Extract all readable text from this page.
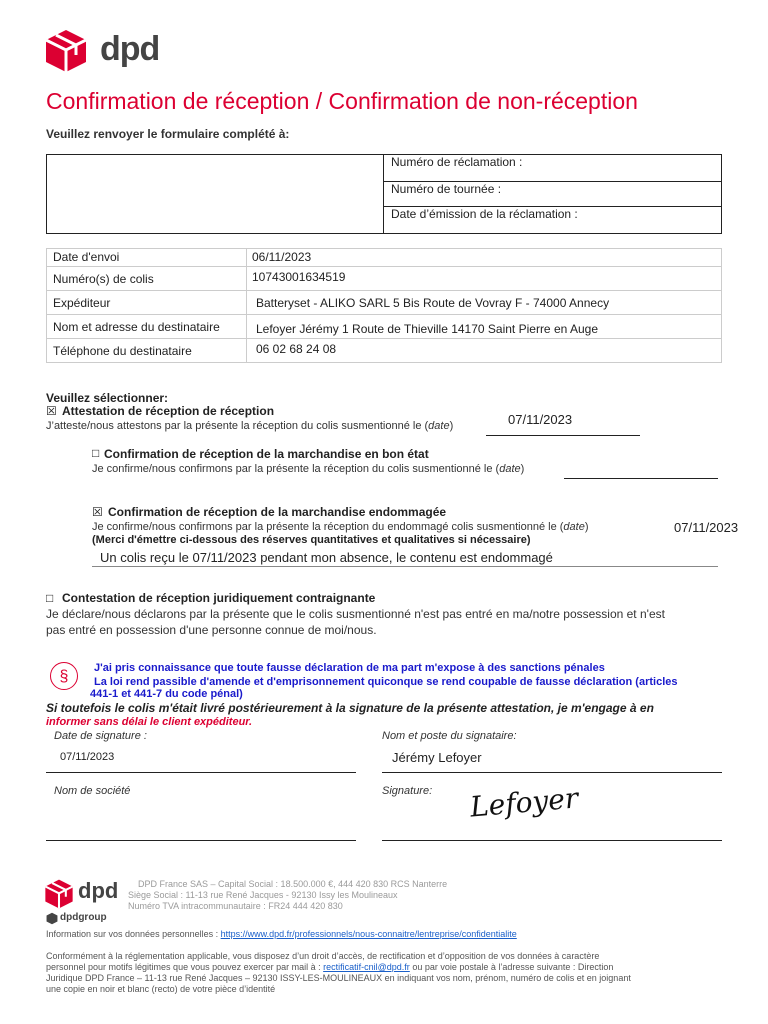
dpd
Confirmation de réception / Confirmation de non-réception
Veuillez renvoyer le formulaire complété à:
Numéro de réclamation :
Numéro de tournée :
Date d’émission de la réclamation :
Date d'envoi	06/11/2023
Numéro(s) de colis	10743001634519
Expéditeur	Batteryset - ALIKO SARL 5 Bis Route de Vovray F - 74000 Annecy
Nom et adresse du destinataire	Lefoyer Jérémy 1 Route de Thieville 14170 Saint Pierre en Auge
Téléphone du destinataire	06 02 68 24 08
Veuillez sélectionner:
☒ Attestation de réception de réception
J’atteste/nous attestons par la présente la réception du colis susmentionné le (date)	07/11/2023
□ Confirmation de réception de la marchandise en bon état
Je confirme/nous confirmons par la présente la réception du colis susmentionné le (date)
☒ Confirmation de réception de la marchandise endommagée
Je confirme/nous confirmons par la présente la réception du endommagé colis susmentionné le (date)	07/11/2023
(Merci d'émettre ci-dessous des réserves quantitatives et qualitatives si nécessaire)
Un colis reçu le 07/11/2023 pendant mon absence, le contenu est endommagé
□ Contestation de réception juridiquement contraignante
Je déclare/nous déclarons par la présente que le colis susmentionné n'est pas entré en ma/notre possession et n'est
pas entré en possession d'une personne connue de moi/nous.
§	J'ai pris connaissance que toute fausse déclaration de ma part m'expose à des sanctions pénales
La loi rend passible d'amende et d'emprisonnement quiconque se rend coupable de fausse déclaration (articles
441-1 et 441-7 du code pénal)
Si toutefois le colis m'était livré postérieurement à la signature de la présente attestation, je m'engage à en
informer sans délai le client expéditeur.
Date de signature :
07/11/2023
Nom et poste du signataire:
Jérémy Lefoyer
Nom de société	Signature: Lefoyer
dpd
dpdgroup
DPD France SAS – Capital Social : 18.500.000 €, 444 420 830 RCS Nanterre
Siège Social : 11-13 rue René Jacques - 92130 Issy les Moulineaux
Numéro TVA intracommunautaire : FR24 444 420 830
Information sur vos données personnelles : https://www.dpd.fr/professionnels/nous-connaitre/lentreprise/confidentialite
Conformément à la réglementation applicable, vous disposez d’un droit d’accès, de rectification et d’opposition de vos données à caractère
personnel pour motifs légitimes que vous pouvez exercer par mail à : rectificatif-cnil@dpd.fr ou par voie postale à l’adresse suivante : Direction
Juridique DPD France – 11-13 rue René Jacques – 92130 ISSY-LES-MOULINEAUX en indiquant vos nom, prénom, numéro de colis et en joignant
une copie en noir et blanc (recto) de votre pièce d’identité
